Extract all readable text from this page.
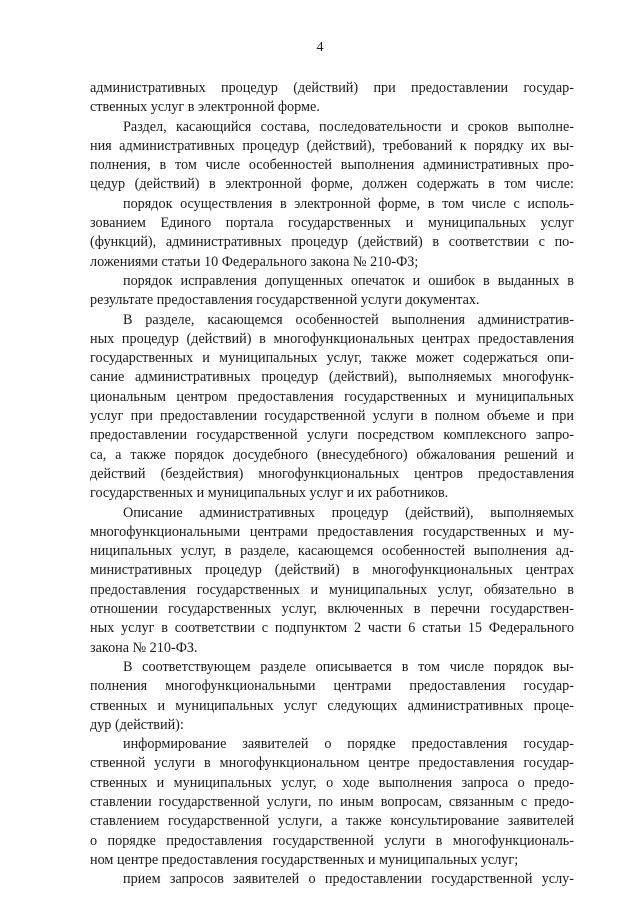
4
административных процедур (действий) при предоставлении государ-
ственных услуг в электронной форме.
Раздел, касающийся состава, последовательности и сроков выполне-
ния административных процедур (действий), требований к порядку их вы-
полнения, в том числе особенностей выполнения административных про-
цедур (действий) в электронной форме, должен содержать в том числе:
порядок осуществления в электронной форме, в том числе с исполь-
зованием Единого портала государственных и муниципальных услуг
(функций), административных процедур (действий) в соответствии с по-
ложениями статьи 10 Федерального закона № 210-ФЗ;
порядок исправления допущенных опечаток и ошибок в выданных в
результате предоставления государственной услуги документах.
В разделе, касающемся особенностей выполнения административ-
ных процедур (действий) в многофункциональных центрах предоставления
государственных и муниципальных услуг, также может содержаться опи-
сание административных процедур (действий), выполняемых многофунк-
циональным центром предоставления государственных и муниципальных
услуг при предоставлении государственной услуги в полном объеме и при
предоставлении государственной услуги посредством комплексного запро-
са, а также порядок досудебного (внесудебного) обжалования решений и
действий (бездействия) многофункциональных центров предоставления
государственных и муниципальных услуг и их работников.
Описание административных процедур (действий), выполняемых
многофункциональными центрами предоставления государственных и му-
ниципальных услуг, в разделе, касающемся особенностей выполнения ад-
министративных процедур (действий) в многофункциональных центрах
предоставления государственных и муниципальных услуг, обязательно в
отношении государственных услуг, включенных в перечни государствен-
ных услуг в соответствии с подпунктом 2 части 6 статьи 15 Федерального
закона № 210-ФЗ.
В соответствующем разделе описывается в том числе порядок вы-
полнения многофункциональными центрами предоставления государ-
ственных и муниципальных услуг следующих административных проце-
дур (действий):
информирование заявителей о порядке предоставления государ-
ственной услуги в многофункциональном центре предоставления государ-
ственных и муниципальных услуг, о ходе выполнения запроса о предо-
ставлении государственной услуги, по иным вопросам, связанным с предо-
ставлением государственной услуги, а также консультирование заявителей
о порядке предоставления государственной услуги в многофункциональ-
ном центре предоставления государственных и муниципальных услуг;
прием запросов заявителей о предоставлении государственной услу-
